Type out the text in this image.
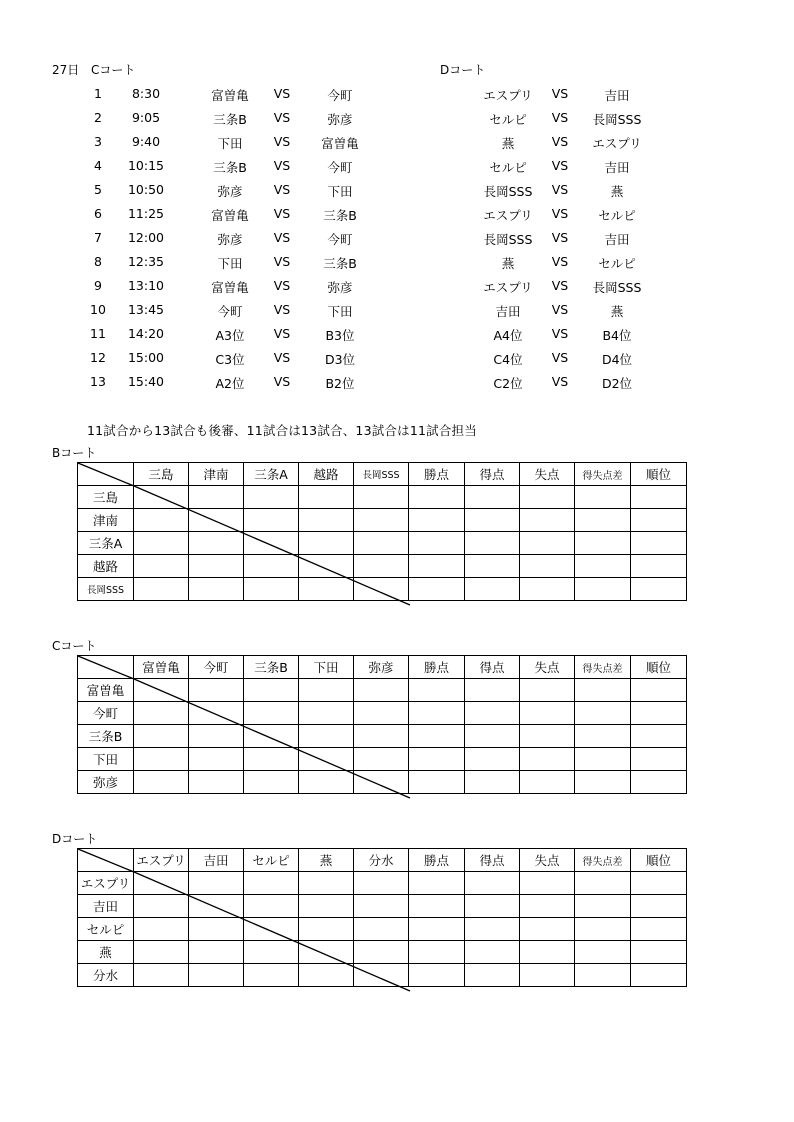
27日 Cコート	Dコート
1 8:30	富曽亀 VS	今町	エスプリ VS	吉田
2 9:05	三条B VS	弥彦	セルピ VS 長岡SSS
3 9:40	下田 VS 富曽亀	燕	VS エスプリ
4 10:15	三条B VS	今町	セルピ VS	吉田
5 10:50	弥彦 VS	下田	長岡SSS VS	燕
6 11:25	富曽亀 VS	三条B	エスプリ VS セルピ
7 12:00	弥彦 VS	今町	長岡SSS VS	吉田
8 12:35	下田 VS	三条B	燕	VS セルピ
9 13:10	富曽亀 VS	弥彦	エスプリ VS 長岡SSS
10 13:45	今町 VS	下田	吉田 VS	燕
11 14:20	A3位 VS	B3位	A4位 VS	B4位
12 15:00	C3位 VS	D3位	C4位 VS	D4位
13 15:40	A2位 VS	B2位	C2位 VS	D2位
11試合から13試合も後審、11試合は13試合、13試合は11試合担当
Bコート
	三島	津南	三条A	越路	長岡SSS	勝点	得点	失点	得失点差	順位
三島										
津南										
三条A										
越路										
長岡SSS										
Cコート
	富曽亀	今町	三条B	下田	弥彦	勝点	得点	失点	得失点差	順位
富曽亀										
今町										
三条B										
下田										
弥彦										
Dコート
	エスプリ	吉田	セルピ	燕	分水	勝点	得点	失点	得失点差	順位
エスプリ										
吉田										
セルピ										
燕										
分水										
